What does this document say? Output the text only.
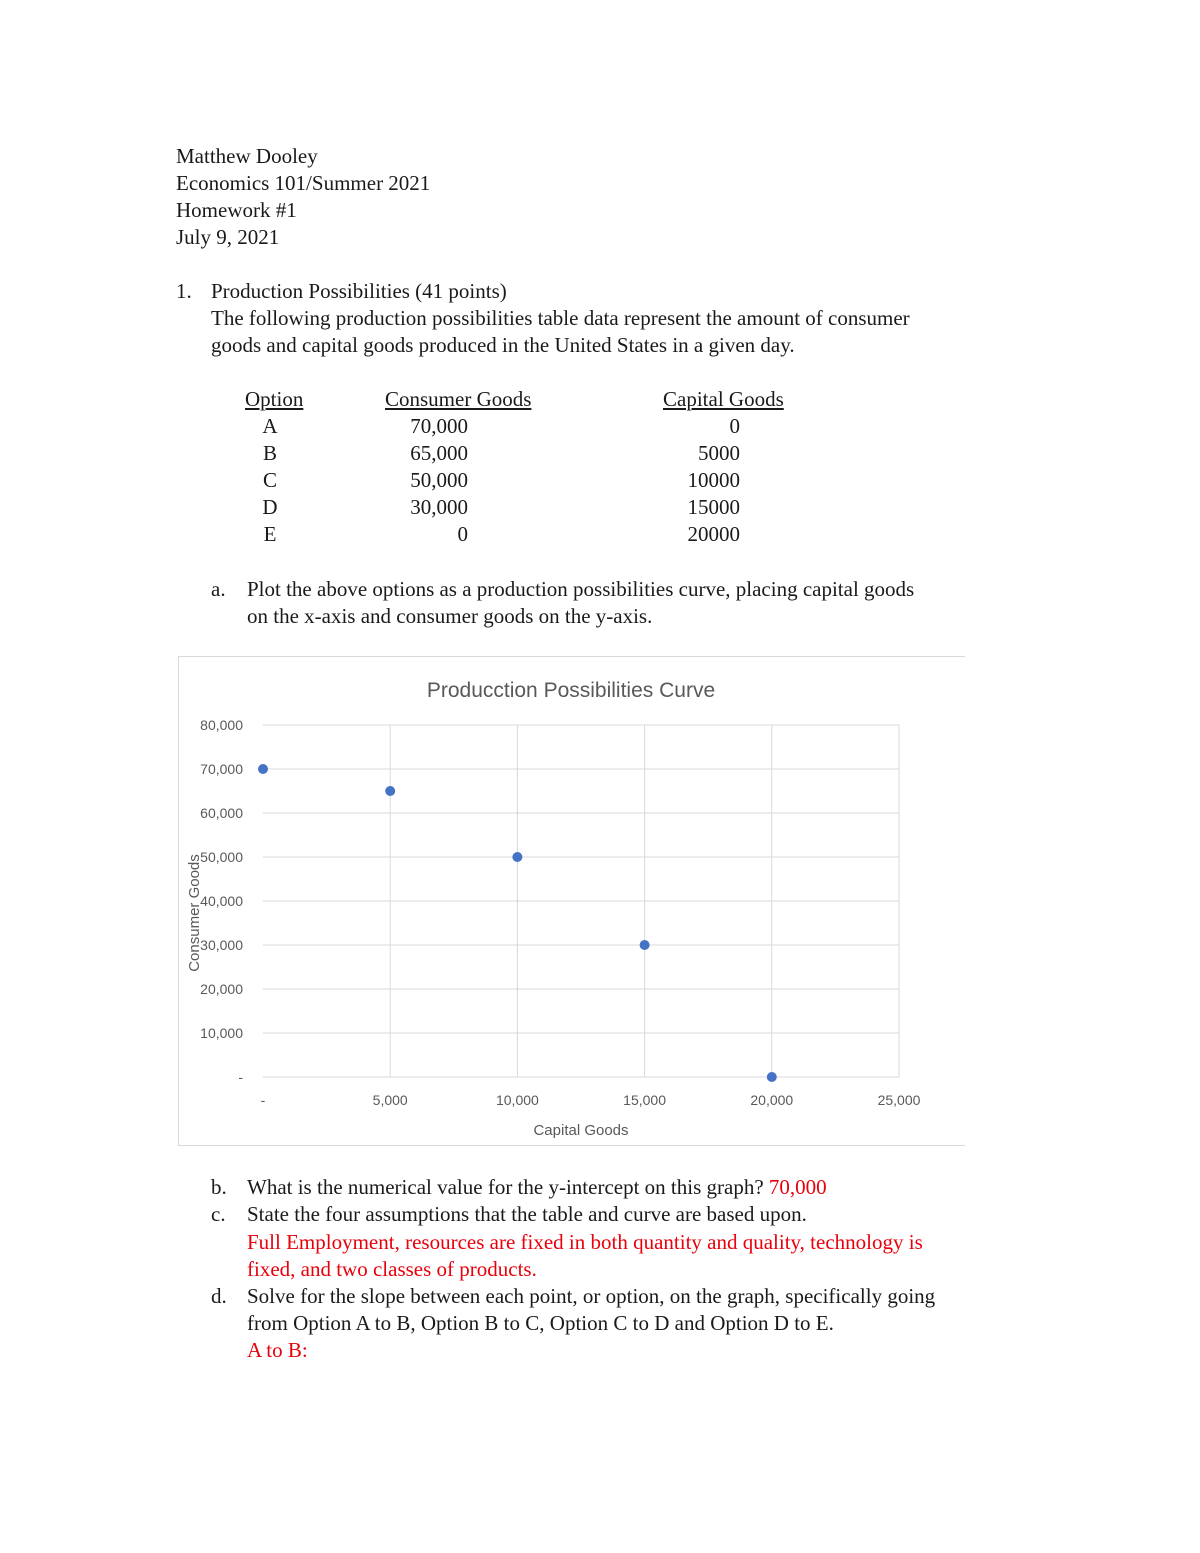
Matthew Dooley
Economics 101/Summer 2021
Homework #1
July 9, 2021
1. Production Possibilities (41 points)
The following production possibilities table data represent the amount of consumer
goods and capital goods produced in the United States in a given day.
Option	Consumer Goods	Capital Goods
A	70,000	0
B	65,000	5000
C	50,000	10000
D	30,000	15000
E	0	20000
a. Plot the above options as a production possibilities curve, placing capital goods
on the x-axis and consumer goods on the y-axis.
Producction Possibilities Curve
-
10,000
20,000
30,000
40,000
50,000
60,000
70,000
80,000
-	5,000	10,000	15,000	20,000	25,000
Capital Goods
Consumer Goods
b. What is the numerical value for the y-intercept on this graph? 70,000
c. State the four assumptions that the table and curve are based upon.
Full Employment, resources are fixed in both quantity and quality, technology is
fixed, and two classes of products.
d. Solve for the slope between each point, or option, on the graph, specifically going
from Option A to B, Option B to C, Option C to D and Option D to E.
A to B:
